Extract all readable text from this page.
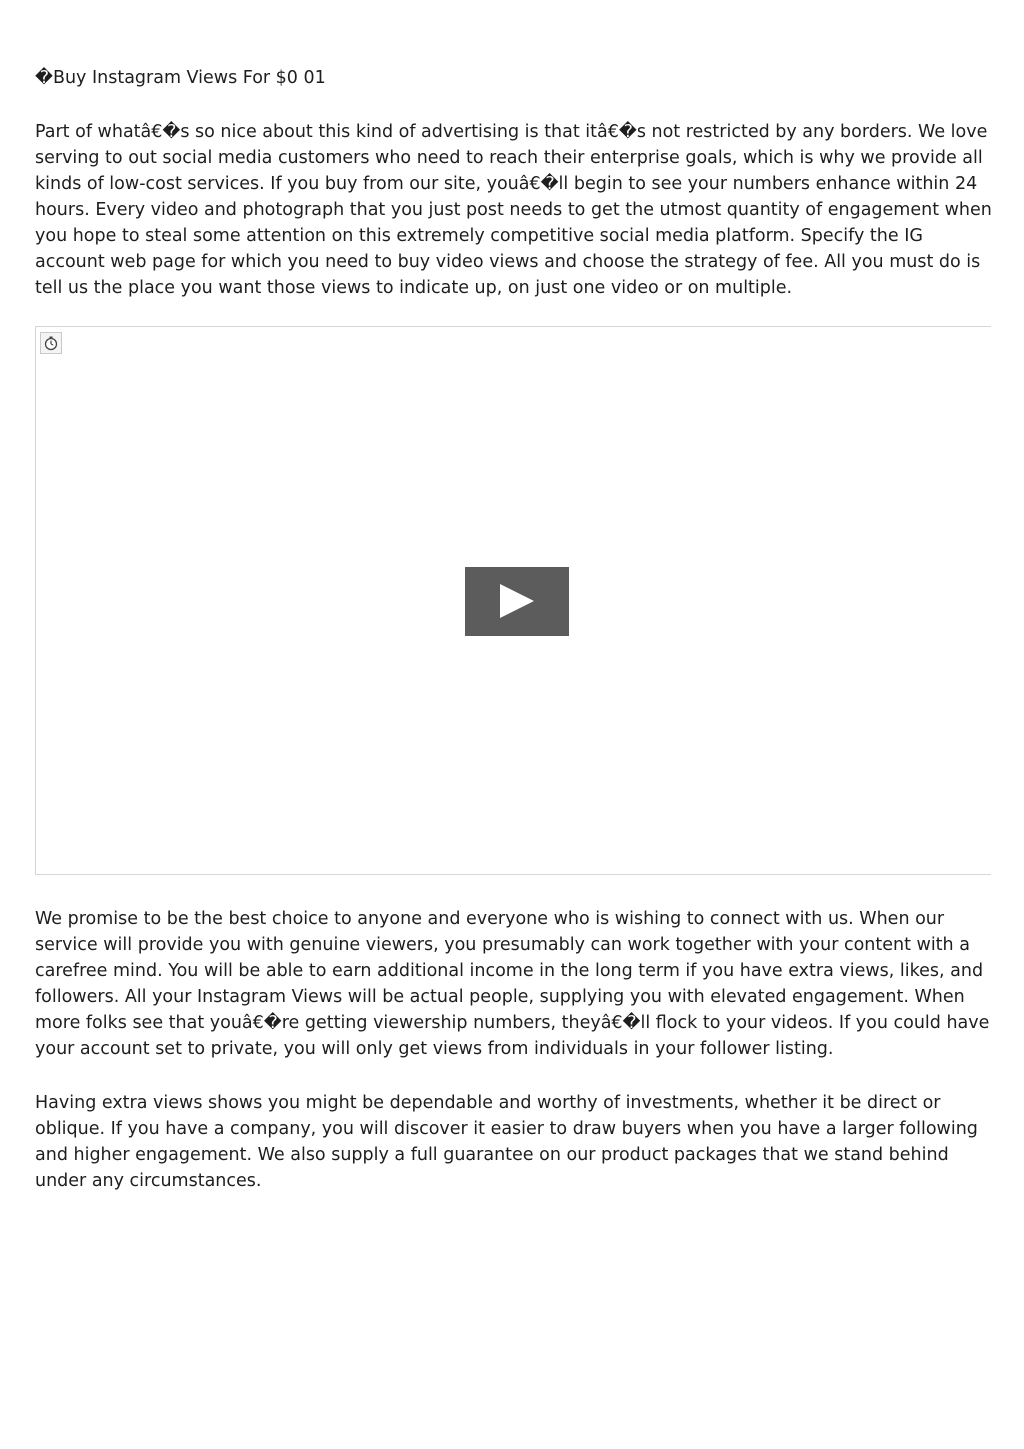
�Buy Instagram Views For $0 01

Part of whatâ€�s so nice about this kind of advertising is that itâ€�s not restricted by any borders. We love serving to out social media customers who need to reach their enterprise goals, which is why we provide all kinds of low-cost services. If you buy from our site, youâ€�ll begin to see your numbers enhance within 24 hours. Every video and photograph that you just post needs to get the utmost quantity of engagement when you hope to steal some attention on this extremely competitive social media platform. Specify the IG account web page for which you need to buy video views and choose the strategy of fee. All you must do is tell us the place you want those views to indicate up, on just one video or on multiple.

We promise to be the best choice to anyone and everyone who is wishing to connect with us. When our service will provide you with genuine viewers, you presumably can work together with your content with a carefree mind. You will be able to earn additional income in the long term if you have extra views, likes, and followers. All your Instagram Views will be actual people, supplying you with elevated engagement. When more folks see that youâ€�re getting viewership numbers, theyâ€�ll flock to your videos. If you could have your account set to private, you will only get views from individuals in your follower listing.

Having extra views shows you might be dependable and worthy of investments, whether it be direct or oblique. If you have a company, you will discover it easier to draw buyers when you have a larger following and higher engagement. We also supply a full guarantee on our product packages that we stand behind under any circumstances.
